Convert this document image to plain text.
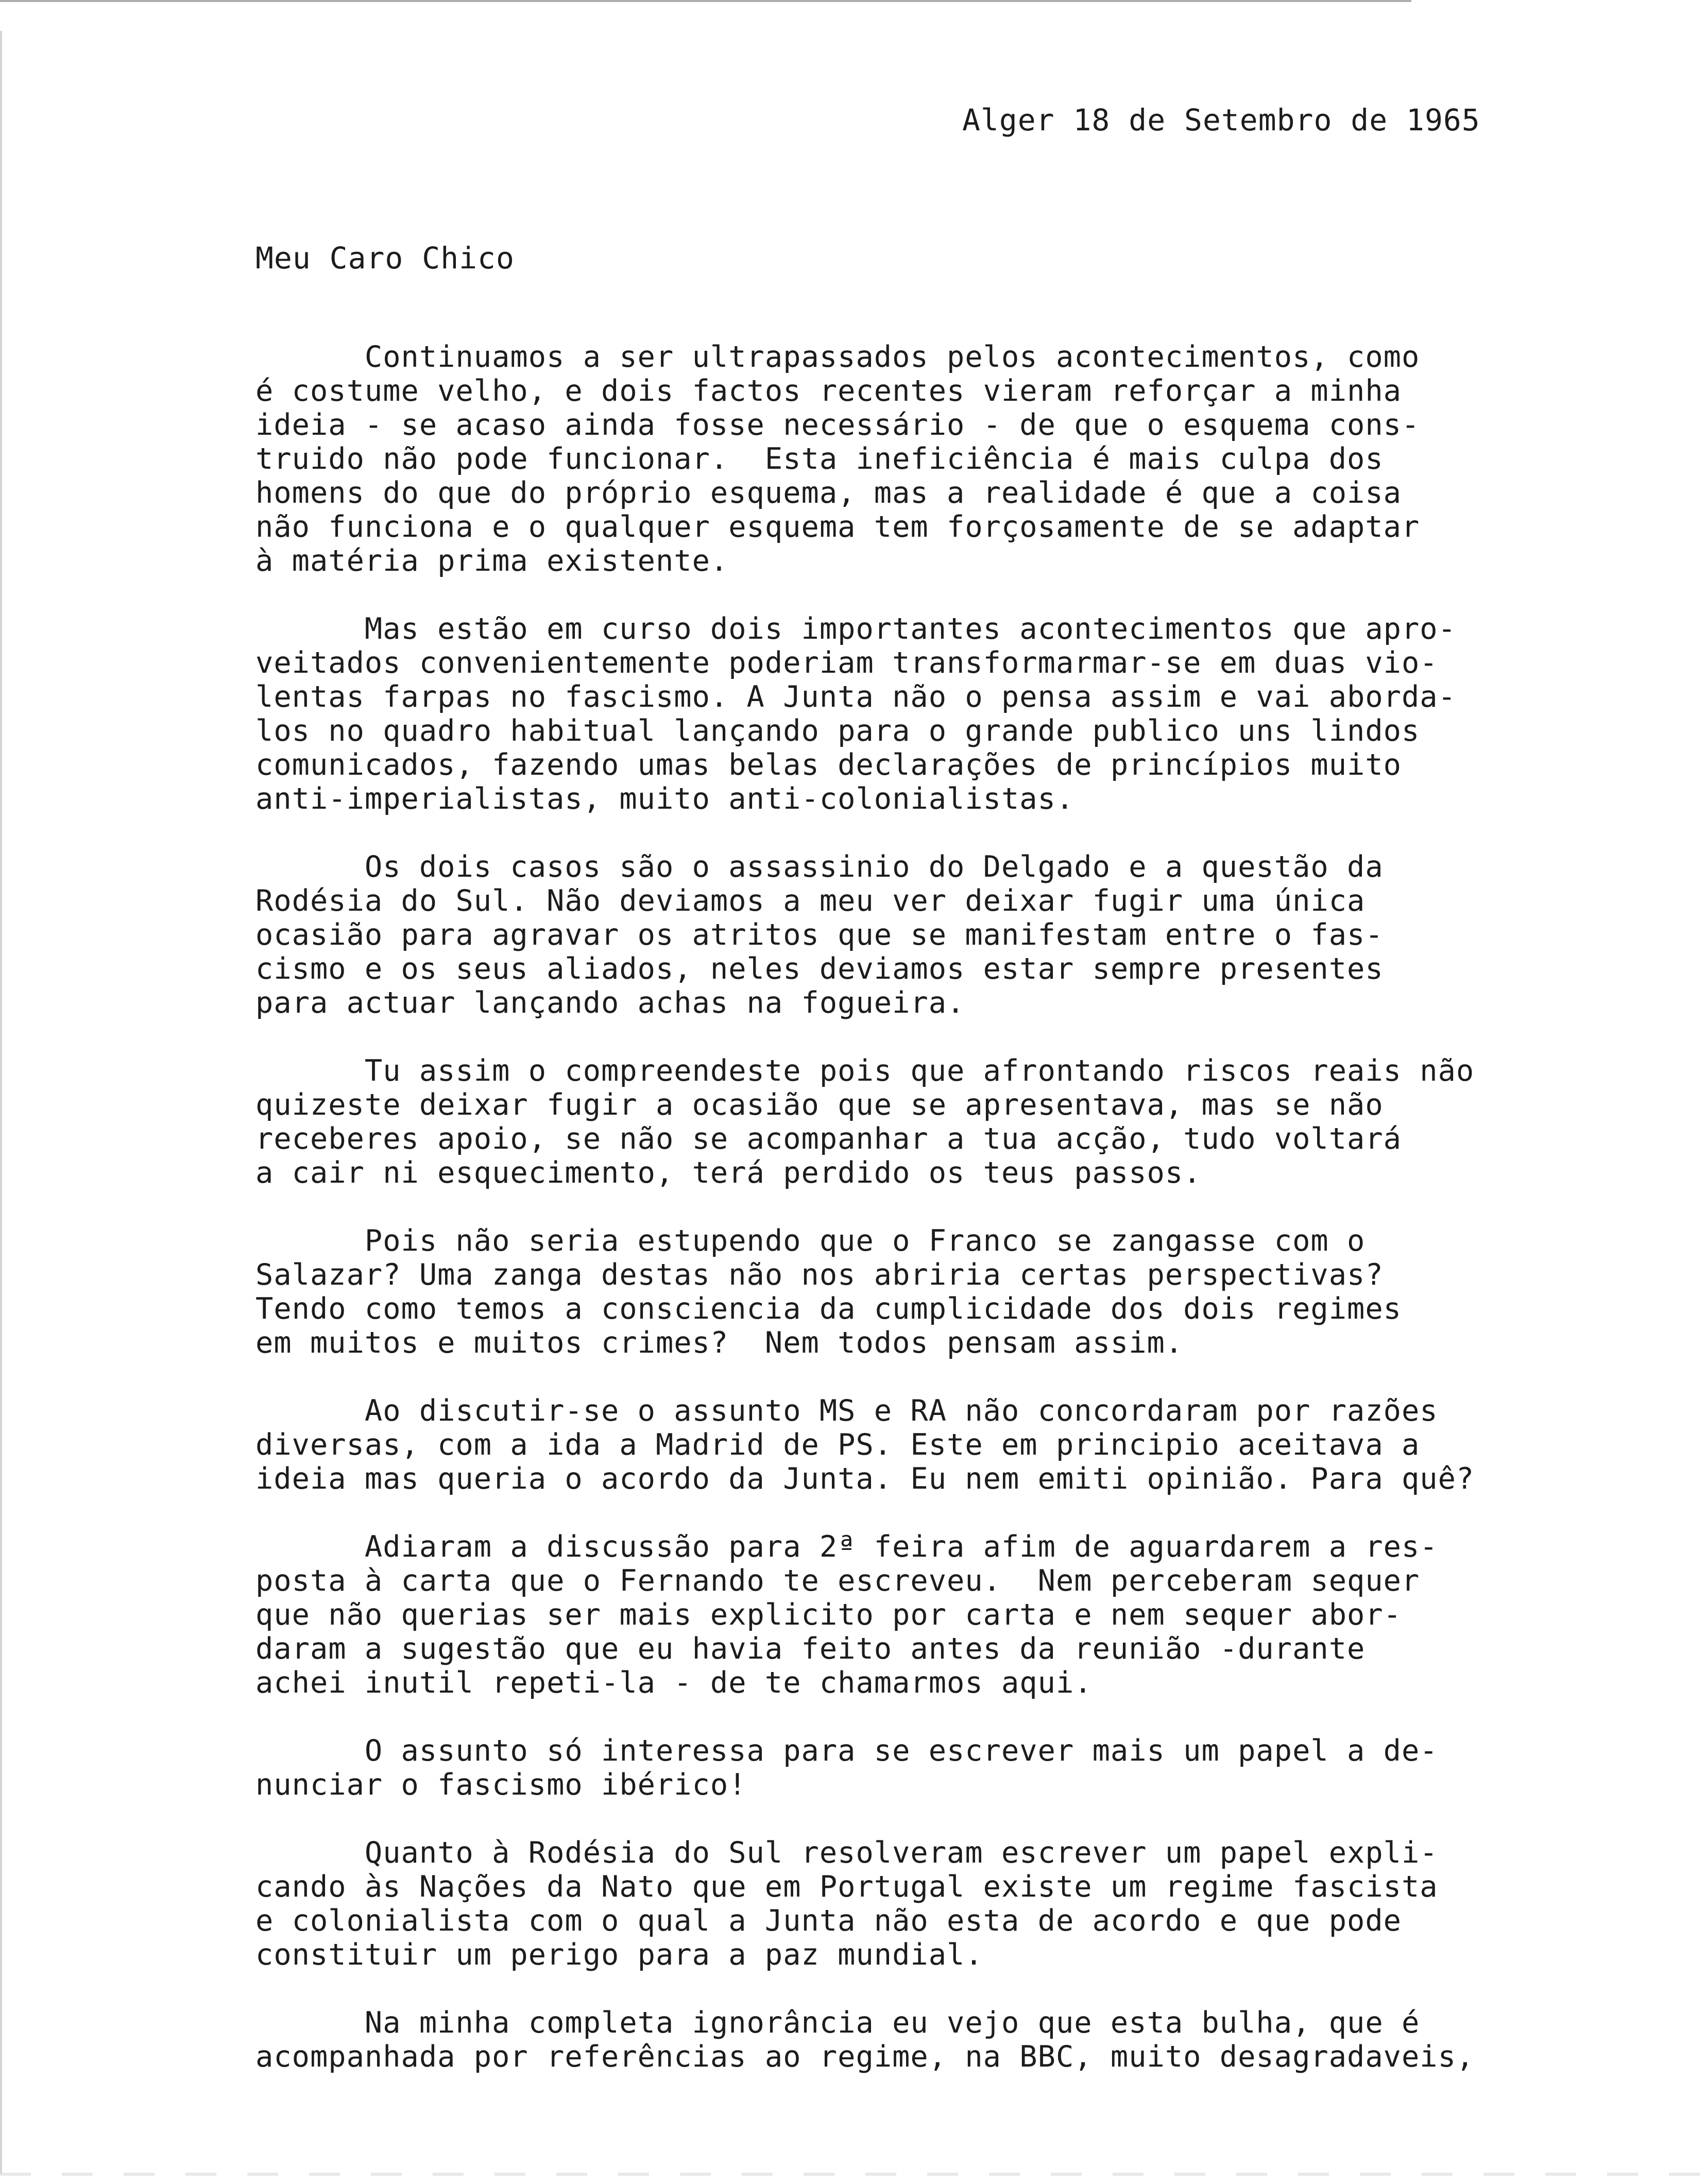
Alger 18 de Setembro de 1965
Meu Caro Chico
Continuamos a ser ultrapassados pelos acontecimentos, como
é costume velho, e dois factos recentes vieram reforçar a minha
ideia - se acaso ainda fosse necessário - de que o esquema cons-
truido não pode funcionar.  Esta ineficiência é mais culpa dos
homens do que do próprio esquema, mas a realidade é que a coisa
não funciona e o qualquer esquema tem forçosamente de se adaptar
à matéria prima existente.
Mas estão em curso dois importantes acontecimentos que apro-
veitados convenientemente poderiam transformarmar-se em duas vio-
lentas farpas no fascismo. A Junta não o pensa assim e vai aborda-
los no quadro habitual lançando para o grande publico uns lindos
comunicados, fazendo umas belas declarações de princípios muito
anti-imperialistas, muito anti-colonialistas.
Os dois casos são o assassinio do Delgado e a questão da
Rodésia do Sul. Não deviamos a meu ver deixar fugir uma única
ocasião para agravar os atritos que se manifestam entre o fas-
cismo e os seus aliados, neles deviamos estar sempre presentes
para actuar lançando achas na fogueira.
Tu assim o compreendeste pois que afrontando riscos reais não
quizeste deixar fugir a ocasião que se apresentava, mas se não
receberes apoio, se não se acompanhar a tua acção, tudo voltará
a cair ni esquecimento, terá perdido os teus passos.
Pois não seria estupendo que o Franco se zangasse com o
Salazar? Uma zanga destas não nos abriria certas perspectivas?
Tendo como temos a consciencia da cumplicidade dos dois regimes
em muitos e muitos crimes?  Nem todos pensam assim.
Ao discutir-se o assunto MS e RA não concordaram por razões
diversas, com a ida a Madrid de PS. Este em principio aceitava a
ideia mas queria o acordo da Junta. Eu nem emiti opinião. Para quê?
Adiaram a discussão para 2ª feira afim de aguardarem a res-
posta à carta que o Fernando te escreveu.  Nem perceberam sequer
que não querias ser mais explicito por carta e nem sequer abor-
daram a sugestão que eu havia feito antes da reunião -durante
achei inutil repeti-la - de te chamarmos aqui.
O assunto só interessa para se escrever mais um papel a de-
nunciar o fascismo ibérico!
Quanto à Rodésia do Sul resolveram escrever um papel expli-
cando às Nações da Nato que em Portugal existe um regime fascista
e colonialista com o qual a Junta não esta de acordo e que pode
constituir um perigo para a paz mundial.
Na minha completa ignorância eu vejo que esta bulha, que é
acompanhada por referências ao regime, na BBC, muito desagradaveis,
